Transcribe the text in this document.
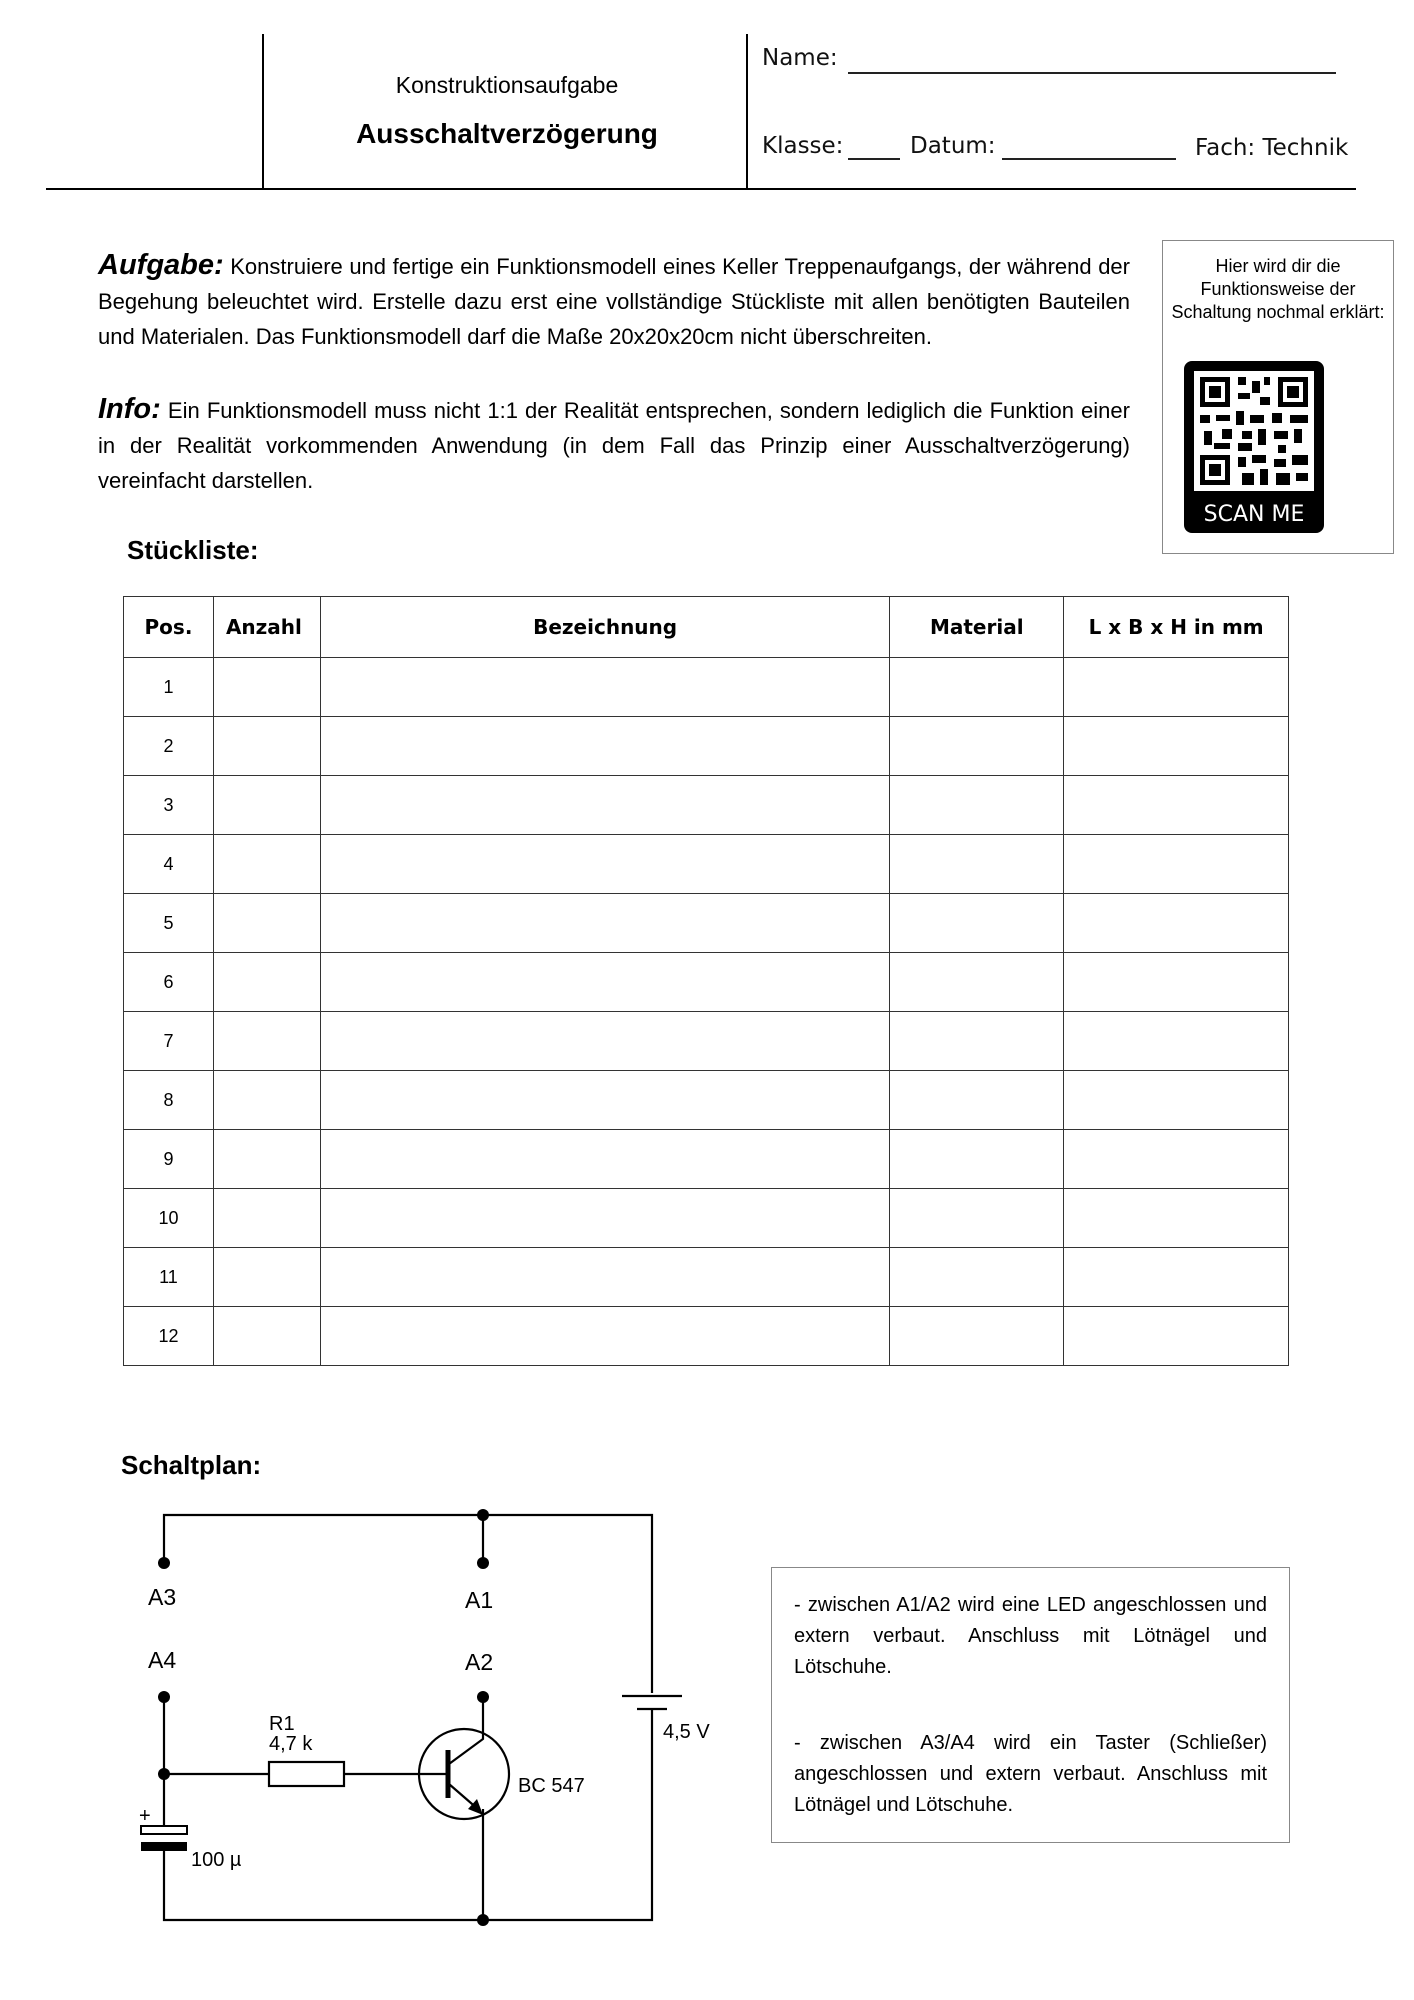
Konstruktionsaufgabe
Ausschaltverzögerung
Name:
Klasse:	Datum:	Fach: Technik
Aufgabe: Konstruiere und fertige ein Funktionsmodell eines Keller Treppenaufgangs, der während der Begehung beleuchtet wird. Erstelle dazu erst eine vollständige Stückliste mit allen benötigten Bauteilen und Materialen. Das Funktionsmodell darf die Maße 20x20x20cm nicht überschreiten.
Info: Ein Funktionsmodell muss nicht 1:1 der Realität entsprechen, sondern lediglich die Funktion einer in der Realität vorkommenden Anwendung (in dem Fall das Prinzip einer Ausschaltverzögerung) vereinfacht darstellen.
Hier wird dir die Funktionsweise der Schaltung nochmal erklärt:
SCAN ME
Stückliste:
Pos.	Anzahl	Bezeichnung	Material	L x B x H in mm
1				
2				
3				
4				
5				
6				
7				
8				
9				
10				
11				
12				
Schaltplan:
A3
A4
A1
A2
R1
4,7 k
BC 547
4,5 V
100 µ
+

- zwischen A1/A2 wird eine LED angeschlossen und extern verbaut. Anschluss mit Lötnägel und Lötschuhe.

- zwischen A3/A4 wird ein Taster (Schließer) angeschlossen und extern verbaut. Anschluss mit Lötnägel und Lötschuhe.
